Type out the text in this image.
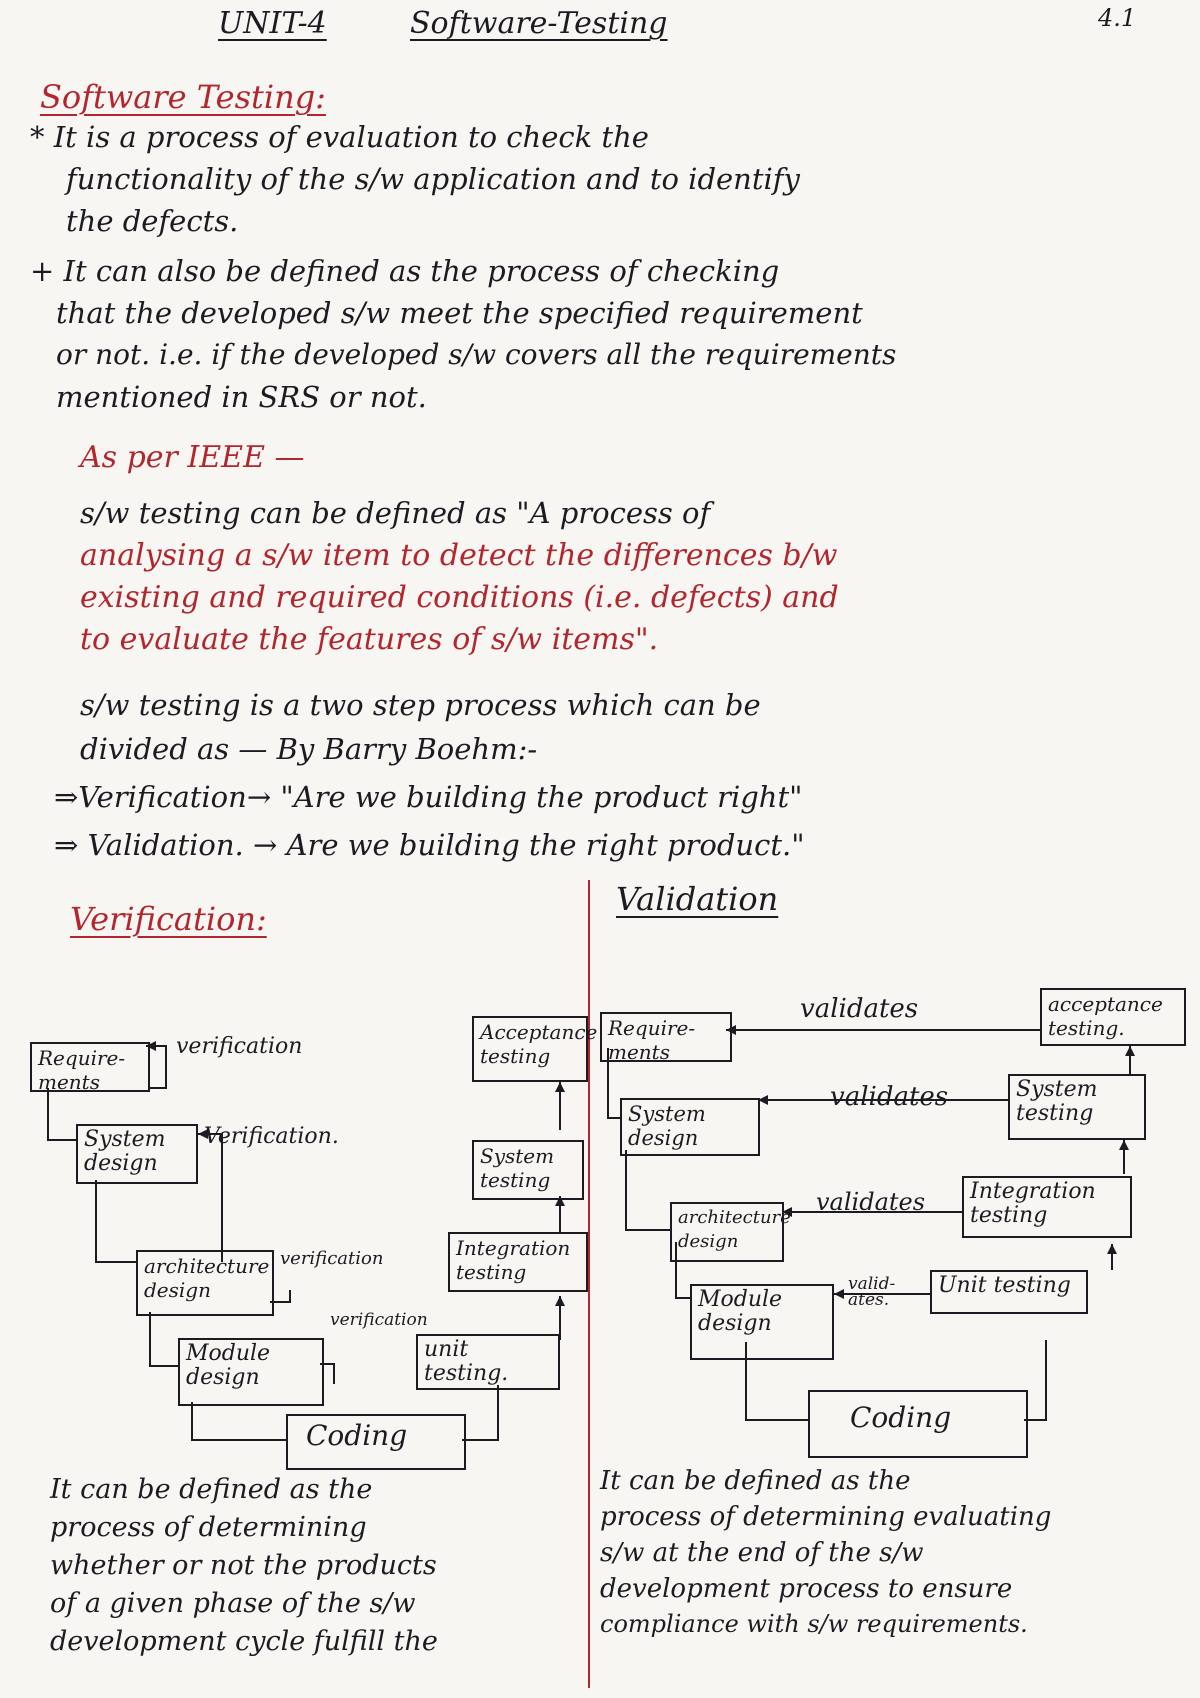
UNIT-4	Software-Testing	4.1
Software Testing:
* It is a process of evaluation to check the
functionality of the s/w application and to identify
the defects.
+ It can also be defined as the process of checking
that the developed s/w meet the specified requirement
or not. i.e. if the developed s/w covers all the requirements
mentioned in SRS or not.
As per IEEE —
s/w testing can be defined as "A process of
analysing a s/w item to detect the differences b/w
existing and required conditions (i.e. defects) and
to evaluate the features of s/w items".
s/w testing is a two step process which can be
divided as — By Barry Boehm:-
⇒Verification→ "Are we building the product right"
⇒ Validation. → Are we building the right product."
Verification:
Validation
Require-
ments
System
design
architecture
design
Module
design
Coding
unit
testing.
Integration
testing
System
testing
Acceptance
testing
verification
Verification.
verification
verification
Require-
ments
System
design
architecture
design
Module
design
Coding
Unit testing
Integration
testing
System
testing
acceptance
testing.
validates
validates
validates
valid-
ates.
It can be defined as the
process of determining
whether or not the products
of a given phase of the s/w
development cycle fulfill the
It can be defined as the
process of determining evaluating
s/w at the end of the s/w
development process to ensure
compliance with s/w requirements.
